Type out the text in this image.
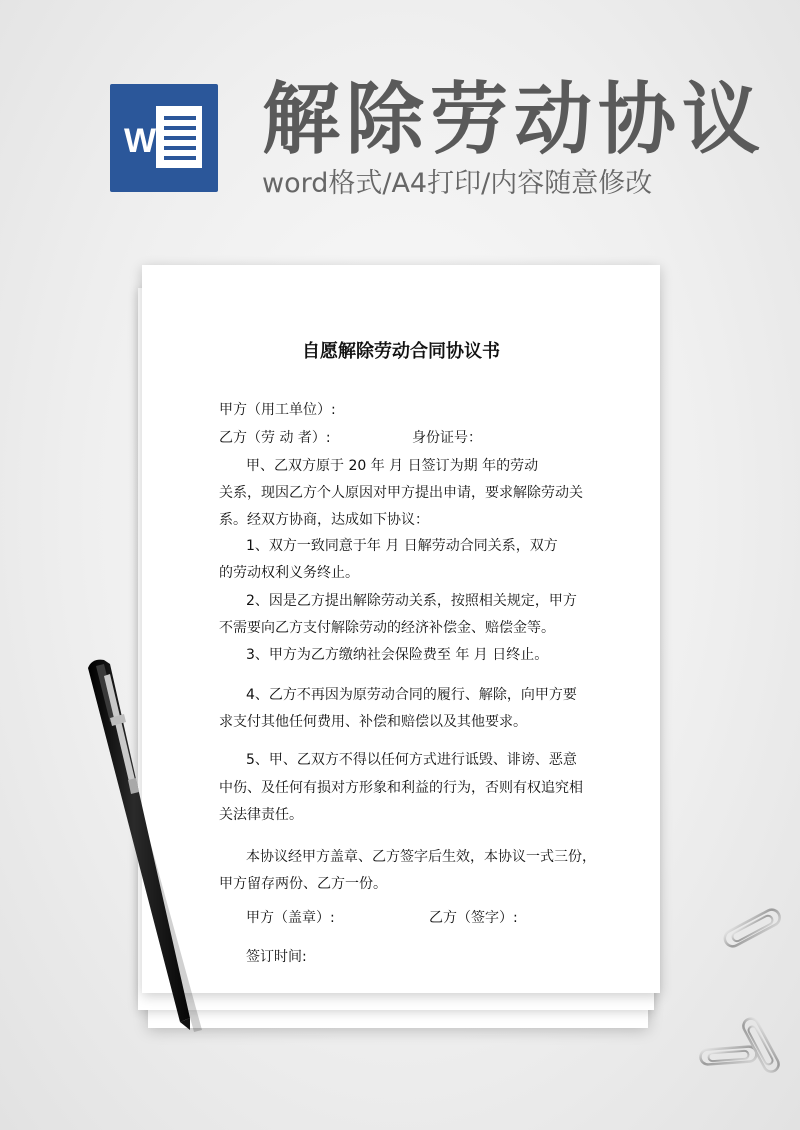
W 解除劳动协议
word格式/A4打印/内容随意修改
自愿解除劳动合同协议书
甲方（用工单位）:
乙方（劳 动 者）:	身份证号：
甲、乙双方原于 20 年 月 日签订为期 年的劳动
关系，现因乙方个人原因对甲方提出申请，要求解除劳动关
系。经双方协商，达成如下协议：
1、双方一致同意于年 月 日解劳动合同关系，双方
的劳动权利义务终止。
2、因是乙方提出解除劳动关系，按照相关规定，甲方
不需要向乙方支付解除劳动的经济补偿金、赔偿金等。
3、甲方为乙方缴纳社会保险费至 年 月 日终止。
4、乙方不再因为原劳动合同的履行、解除，向甲方要
求支付其他任何费用、补偿和赔偿以及其他要求。
5、甲、乙双方不得以任何方式进行诋毁、诽谤、恶意
中伤、及任何有损对方形象和利益的行为，否则有权追究相
关法律责任。
本协议经甲方盖章、乙方签字后生效，本协议一式三份，
甲方留存两份、乙方一份。
甲方（盖章）:	乙方（签字）:
签订时间:
